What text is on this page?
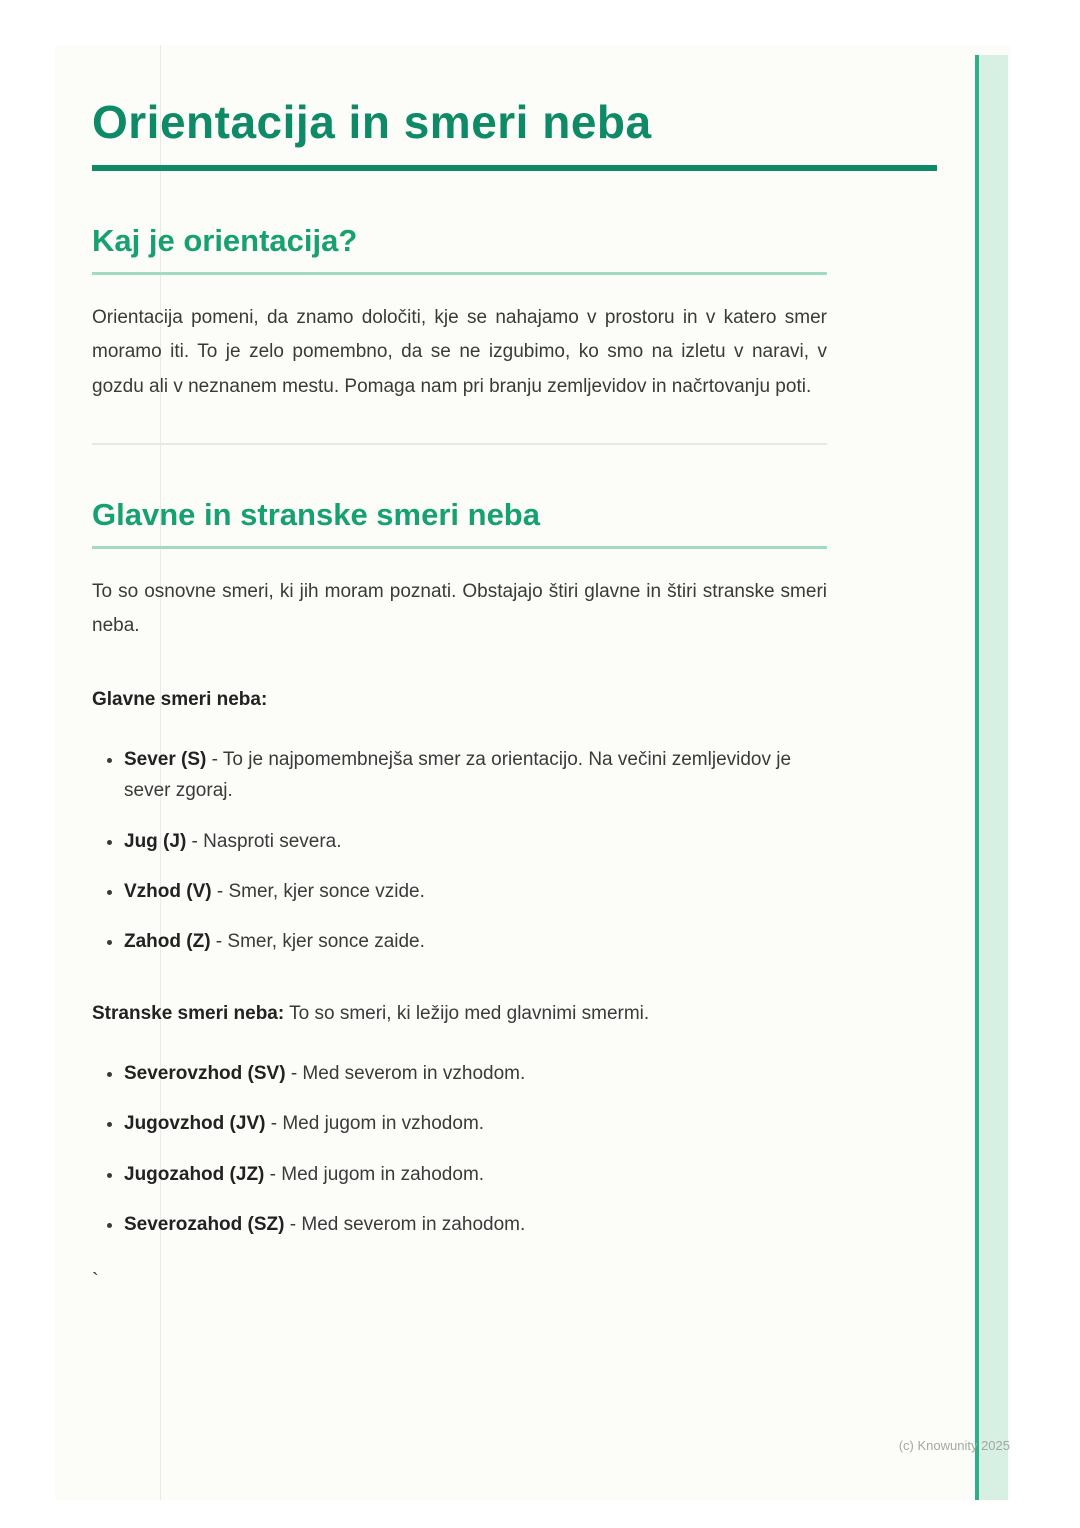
Orientacija in smeri neba
Kaj je orientacija?

Orientacija pomeni, da znamo določiti, kje se nahajamo v prostoru in v katero smer moramo iti. To je zelo pomembno, da se ne izgubimo, ko smo na izletu v naravi, v gozdu ali v neznanem mestu. Pomaga nam pri branju zemljevidov in načrtovanju poti.

Glavne in stranske smeri neba

To so osnovne smeri, ki jih moram poznati. Obstajajo štiri glavne in štiri stranske smeri neba.

Glavne smeri neba:

• Sever (S) - To je najpomembnejša smer za orientacijo. Na večini zemljevidov je sever zgoraj.
• Jug (J) - Nasproti severa.
• Vzhod (V) - Smer, kjer sonce vzide.
• Zahod (Z) - Smer, kjer sonce zaide.

Stranske smeri neba: To so smeri, ki ležijo med glavnimi smermi.

• Severovzhod (SV) - Med severom in vzhodom.
• Jugovzhod (JV) - Med jugom in vzhodom.
• Jugozahod (JZ) - Med jugom in zahodom.
• Severozahod (SZ) - Med severom in zahodom.
`
(c) Knowunity 2025
